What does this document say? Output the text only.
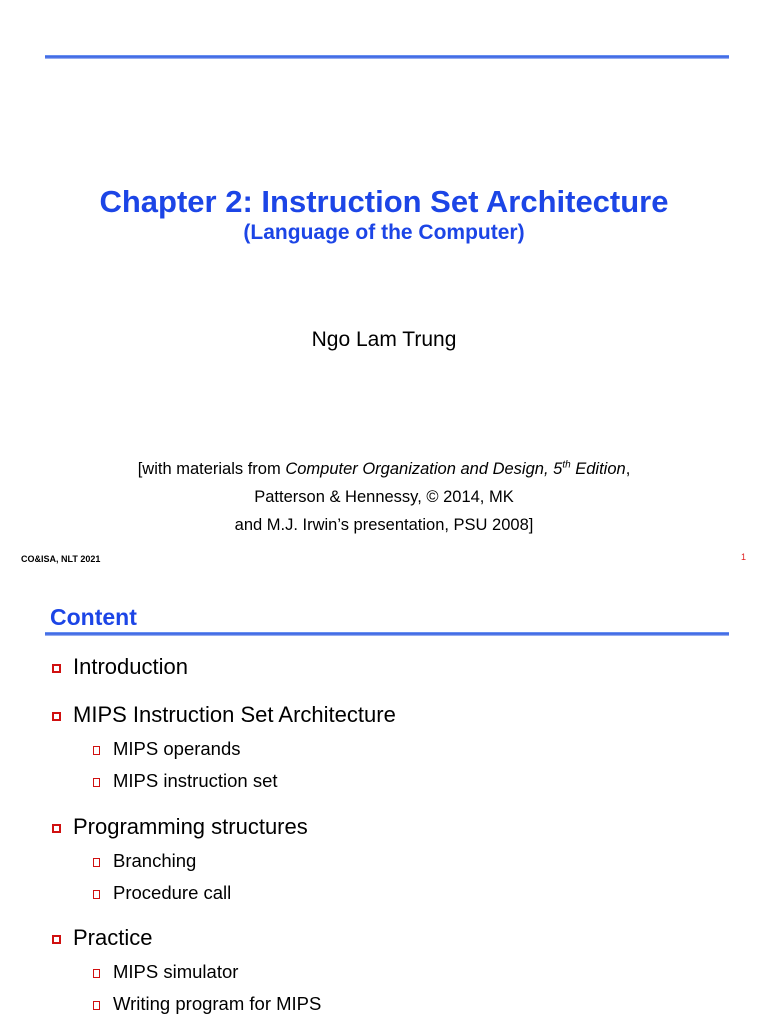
Chapter 2: Instruction Set Architecture
(Language of the Computer)
Ngo Lam Trung
[with materials from Computer Organization and Design, 5th Edition,
Patterson & Hennessy, © 2014, MK
and M.J. Irwin’s presentation, PSU 2008]
CO&ISA, NLT 2021	1
Content
Introduction
MIPS Instruction Set Architecture
MIPS operands
MIPS instruction set
Programming structures
Branching
Procedure call
Practice
MIPS simulator
Writing program for MIPS
